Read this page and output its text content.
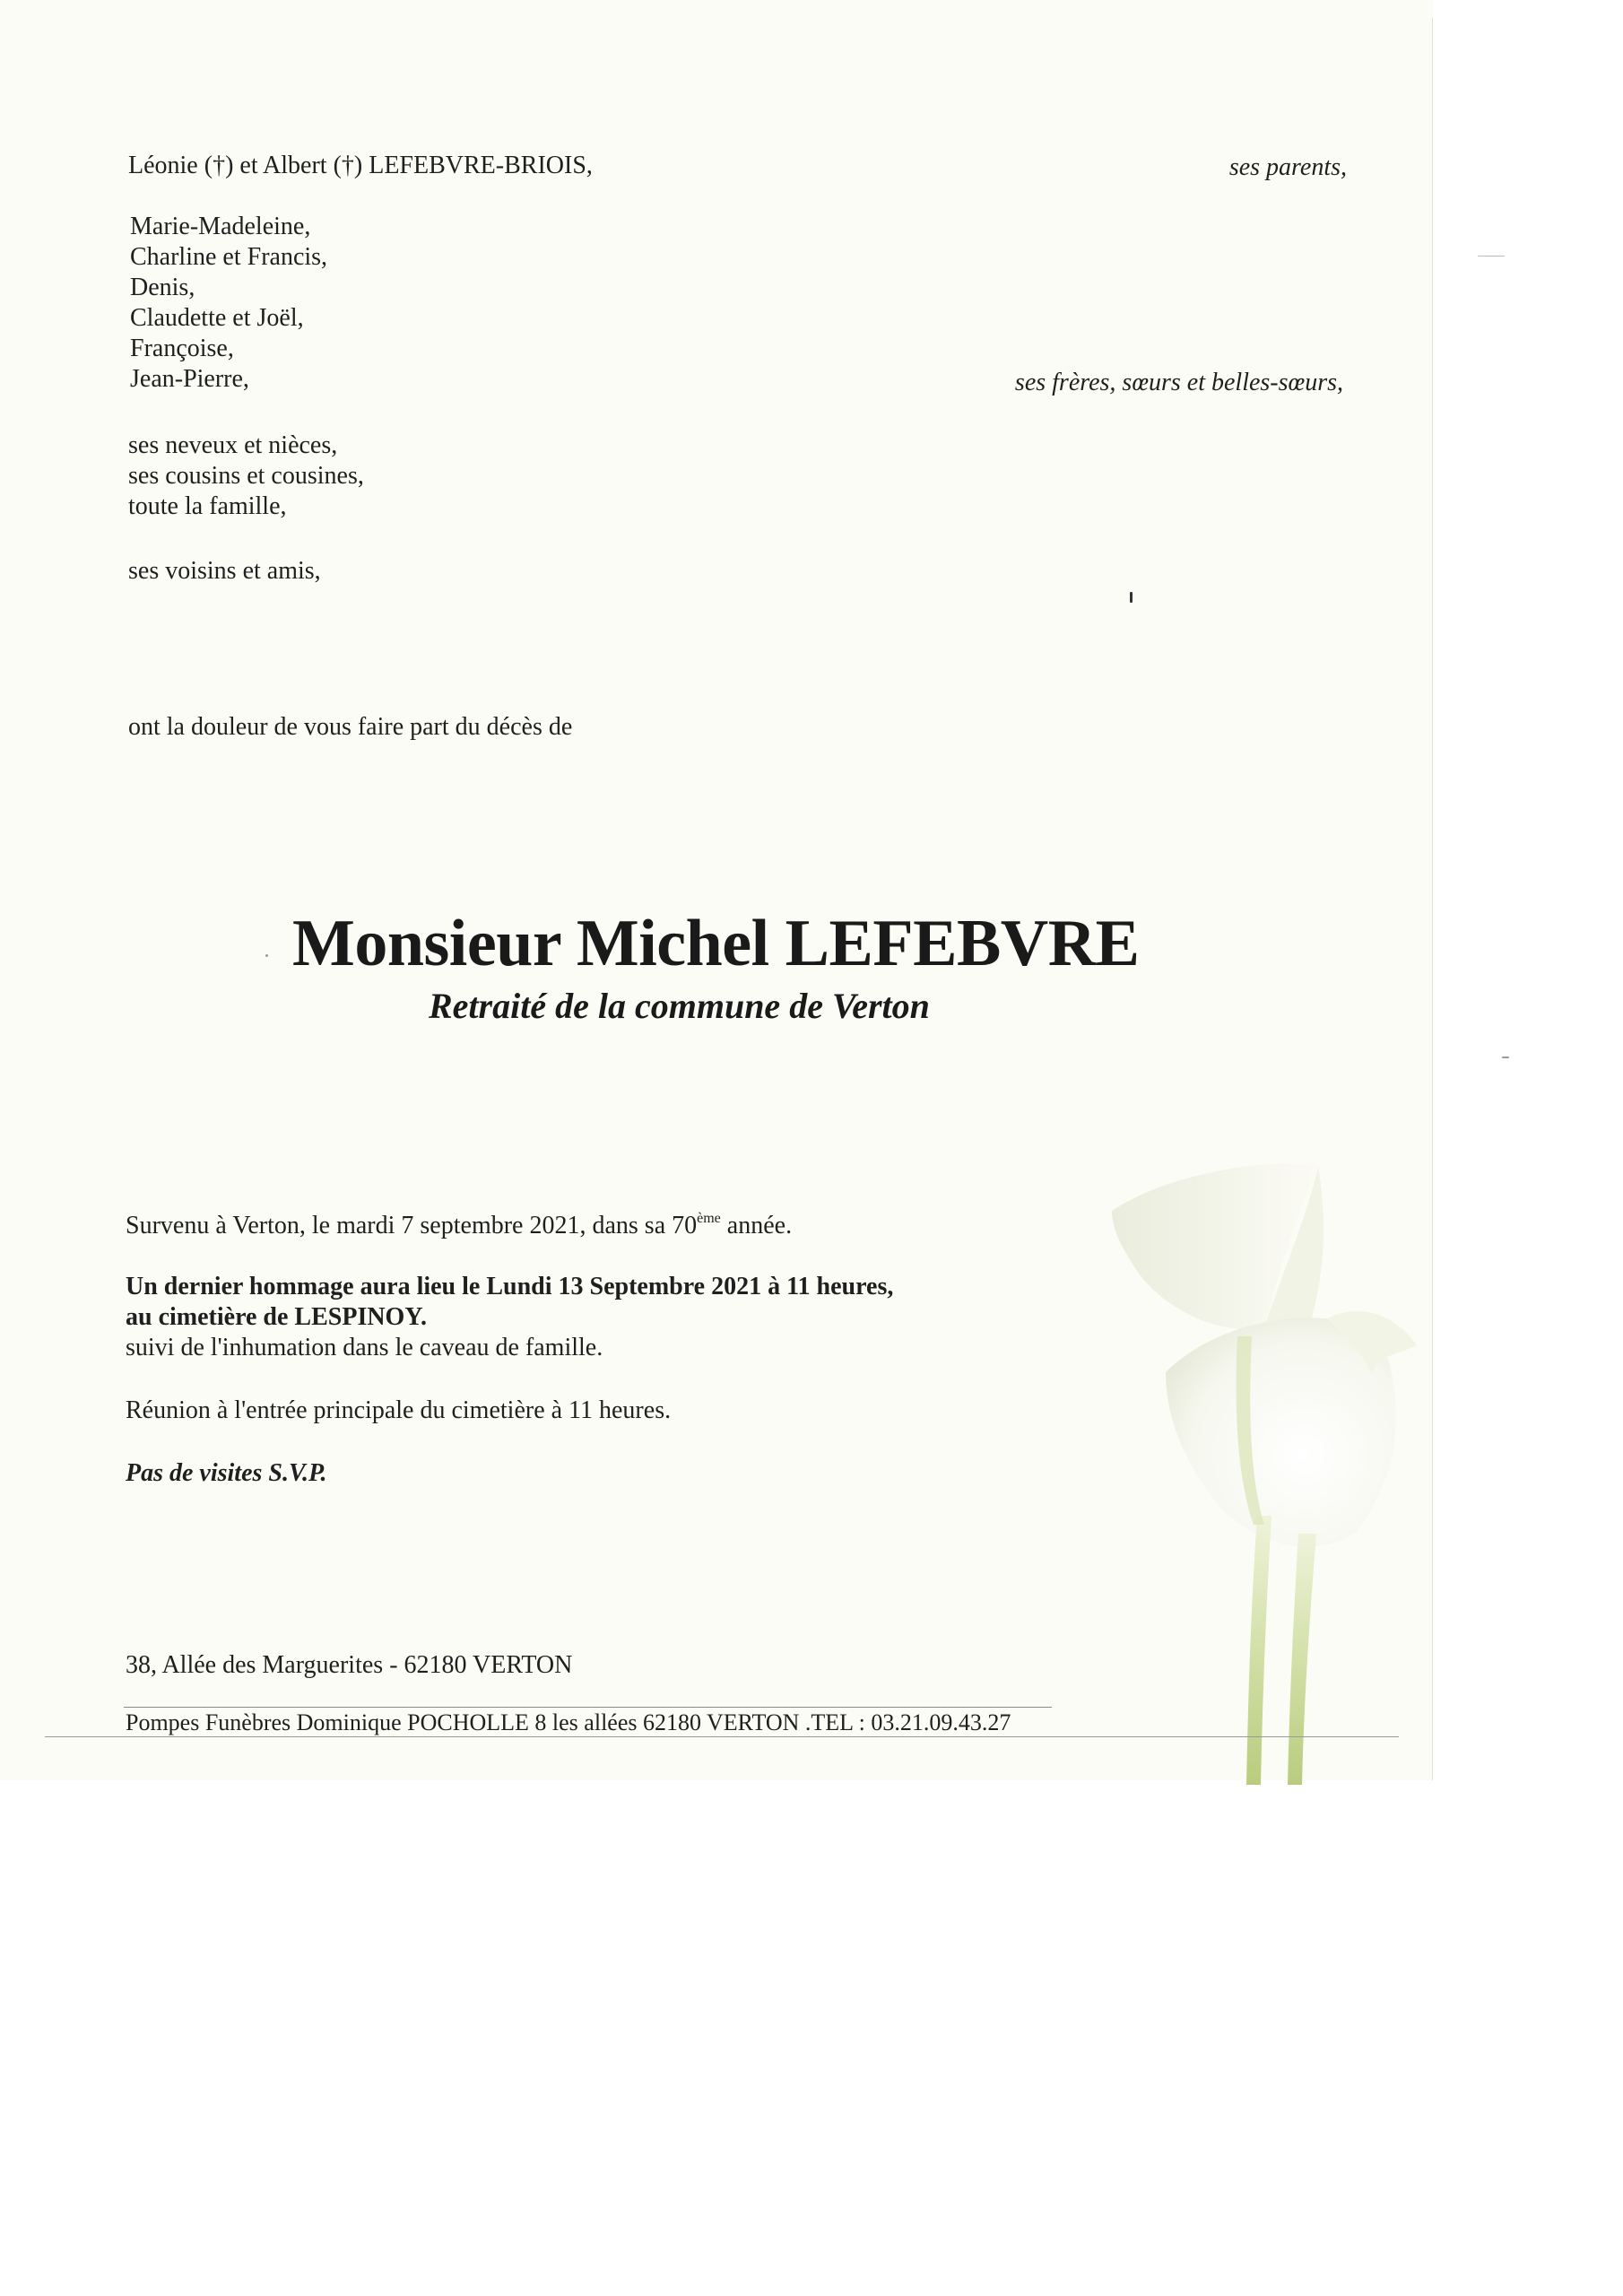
Léonie (†) et Albert (†) LEFEBVRE-BRIOIS,	ses parents,

Marie-Madeleine,
Charline et Francis,
Denis,
Claudette et Joël,
Françoise,
Jean-Pierre,	ses frères, sœurs et belles-sœurs,

ses neveux et nièces,
ses cousins et cousines,
toute la famille,

ses voisins et amis,

ont la douleur de vous faire part du décès de

Monsieur Michel LEFEBVRE
Retraité de la commune de Verton

Survenu à Verton, le mardi 7 septembre 2021, dans sa 70ème année.

Un dernier hommage aura lieu le Lundi 13 Septembre 2021 à 11 heures,

au cimetière de LESPINOY.

suivi de l'inhumation dans le caveau de famille.

Réunion à l'entrée principale du cimetière à 11 heures.

Pas de visites S.V.P.

38, Allée des Marguerites - 62180 VERTON

Pompes Funèbres Dominique POCHOLLE 8 les allées 62180 VERTON .TEL : 03.21.09.43.27
